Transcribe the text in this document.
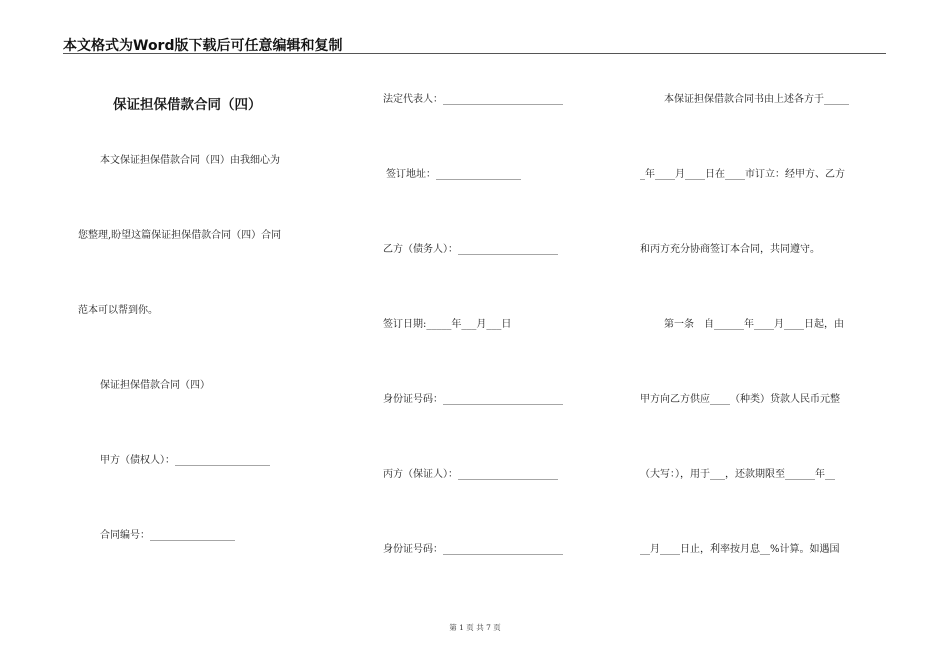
本文格式为Word版下载后可任意编辑和复制
保证担保借款合同（四）
本文保证担保借款合同（四）由我细心为
您整理,盼望这篇保证担保借款合同（四）合同
范本可以帮到你。
保证担保借款合同（四）
甲方（债权人）：___________________
合同编号：_________________
法定代表人：________________________
签订地址：_________________
乙方（债务人）：____________________
签订日期:_____年___月___日
身份证号码：________________________
丙方（保证人）：____________________
身份证号码：________________________
本保证担保借款合同书由上述各方于_____
_年____月____日在____市订立：经甲方、乙方
和丙方充分协商签订本合同，共同遵守。
第一条　自______年____月____日起，由
甲方向乙方供应____（种类）贷款人民币元整
（大写：），用于___，还款期限至______年__
__月____日止，利率按月息__%计算。如遇国
第 1 页 共 7 页
